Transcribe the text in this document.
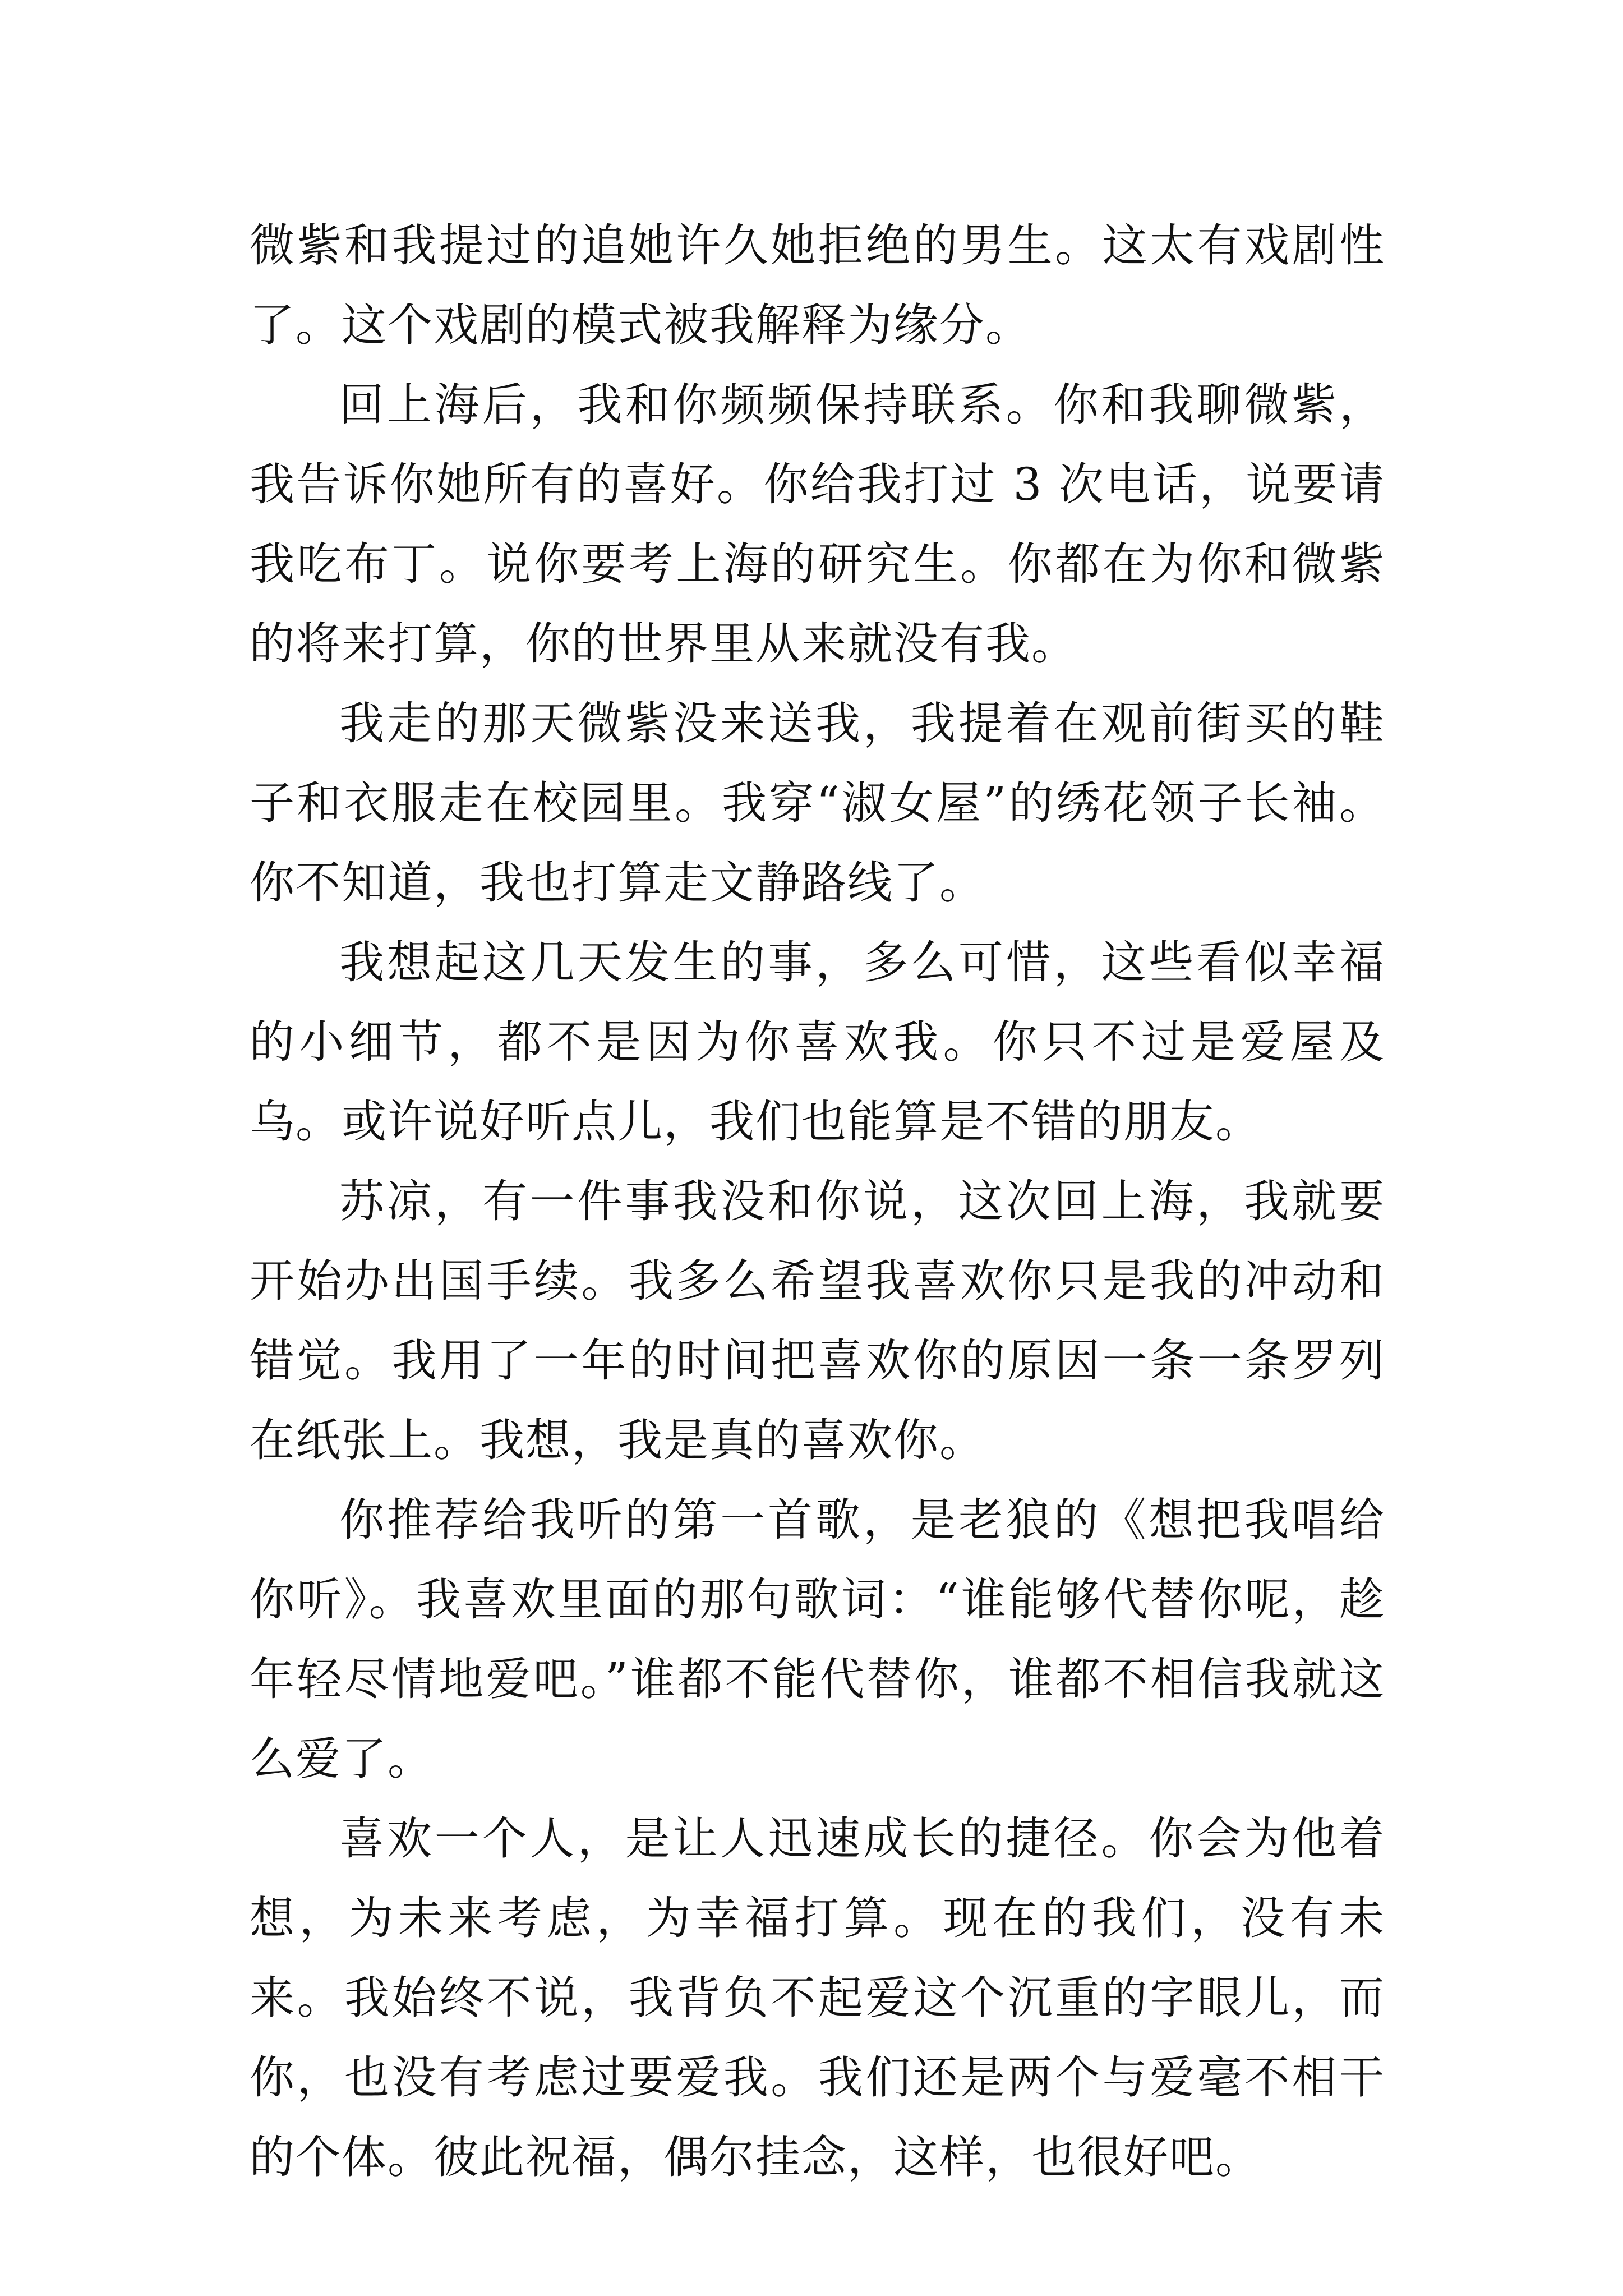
微紫和我提过的追她许久她拒绝的男生。这太有戏剧性了。这个戏剧的模式被我解释为缘分。

回上海后，我和你频频保持联系。你和我聊微紫，我告诉你她所有的喜好。你给我打过 3 次电话，说要请我吃布丁。说你要考上海的研究生。你都在为你和微紫的将来打算，你的世界里从来就没有我。

我走的那天微紫没来送我，我提着在观前街买的鞋子和衣服走在校园里。我穿“淑女屋”的绣花领子长袖。你不知道，我也打算走文静路线了。

我想起这几天发生的事，多么可惜，这些看似幸福的小细节，都不是因为你喜欢我。你只不过是爱屋及乌。或许说好听点儿，我们也能算是不错的朋友。

苏凉，有一件事我没和你说，这次回上海，我就要开始办出国手续。我多么希望我喜欢你只是我的冲动和错觉。我用了一年的时间把喜欢你的原因一条一条罗列在纸张上。我想，我是真的喜欢你。

你推荐给我听的第一首歌，是老狼的《想把我唱给你听》。我喜欢里面的那句歌词：“谁能够代替你呢，趁年轻尽情地爱吧。”谁都不能代替你，谁都不相信我就这么爱了。

喜欢一个人，是让人迅速成长的捷径。你会为他着想，为未来考虑，为幸福打算。现在的我们，没有未来。我始终不说，我背负不起爱这个沉重的字眼儿，而你，也没有考虑过要爱我。我们还是两个与爱毫不相干的个体。彼此祝福，偶尔挂念，这样，也很好吧。
